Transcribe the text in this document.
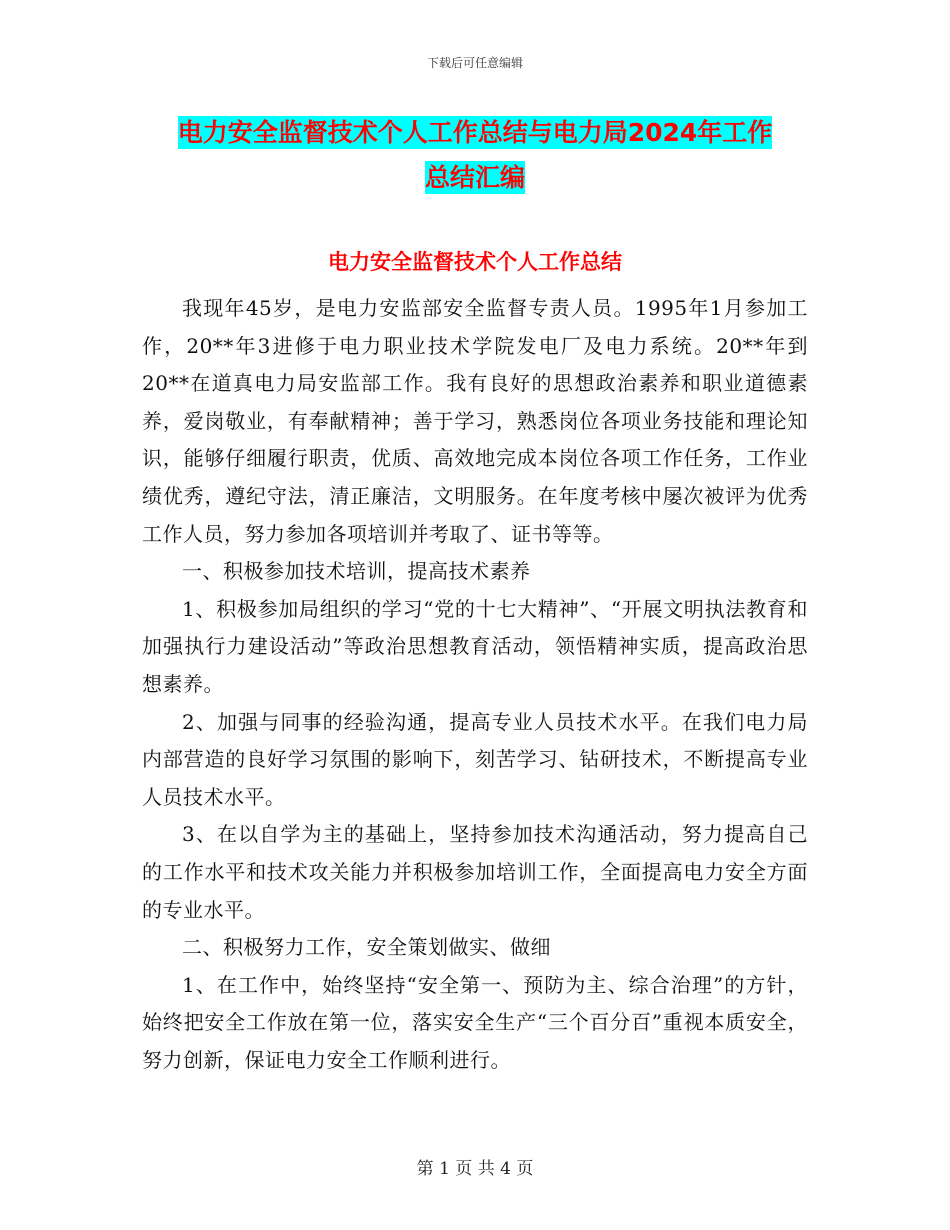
下载后可任意编辑
电力安全监督技术个人工作总结与电力局2024年工作
总结汇编
电力安全监督技术个人工作总结

我现年45岁，是电力安监部安全监督专责人员。1995年1月参加工作，20**年3进修于电力职业技术学院发电厂及电力系统。20**年到20**在道真电力局安监部工作。我有良好的思想政治素养和职业道德素养，爱岗敬业，有奉献精神；善于学习，熟悉岗位各项业务技能和理论知识，能够仔细履行职责，优质、高效地完成本岗位各项工作任务，工作业绩优秀，遵纪守法，清正廉洁，文明服务。在年度考核中屡次被评为优秀工作人员，努力参加各项培训并考取了、证书等等。

一、积极参加技术培训，提高技术素养

1、积极参加局组织的学习“党的十七大精神”、“开展文明执法教育和加强执行力建设活动”等政治思想教育活动，领悟精神实质，提高政治思想素养。

2、加强与同事的经验沟通，提高专业人员技术水平。在我们电力局内部营造的良好学习氛围的影响下，刻苦学习、钻研技术，不断提高专业人员技术水平。

3、在以自学为主的基础上，坚持参加技术沟通活动，努力提高自己的工作水平和技术攻关能力并积极参加培训工作，全面提高电力安全方面的专业水平。

二、积极努力工作，安全策划做实、做细

1、在工作中，始终坚持“安全第一、预防为主、综合治理”的方针，始终把安全工作放在第一位，落实安全生产“三个百分百”重视本质安全，努力创新，保证电力安全工作顺利进行。

第 1 页 共 4 页
